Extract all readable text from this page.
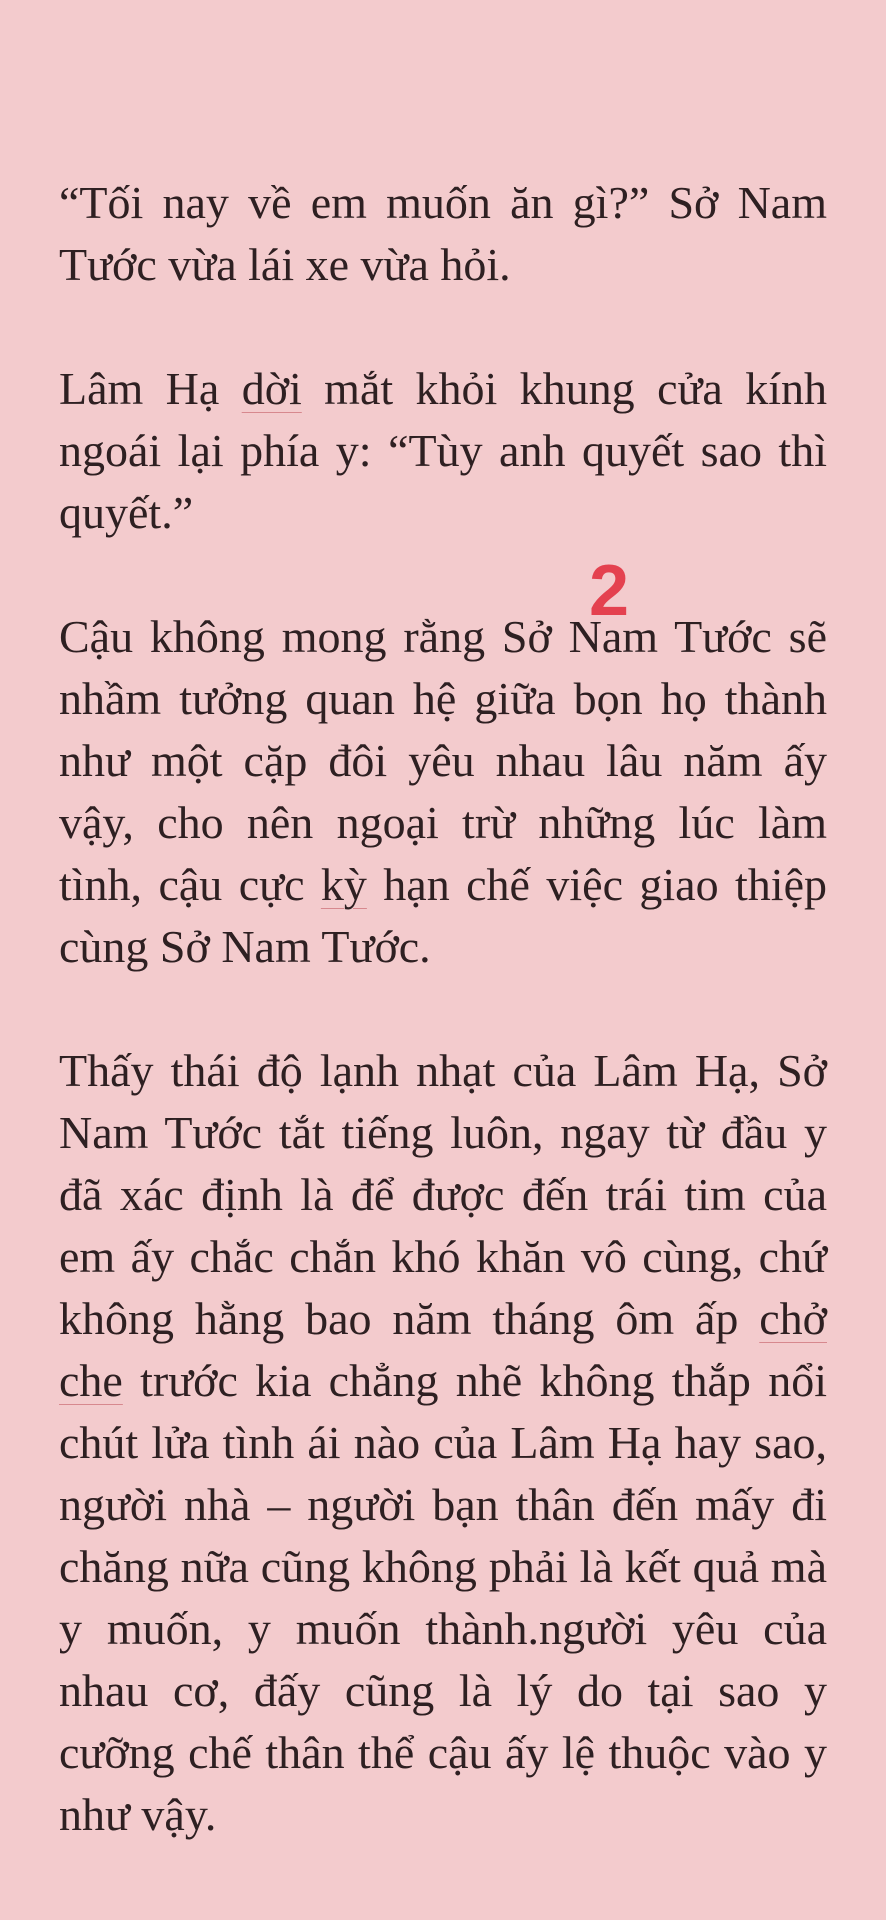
“Tối nay về em muốn ăn gì?” Sở Nam Tước vừa lái xe vừa hỏi.

Lâm Hạ dời mắt khỏi khung cửa kính ngoái lại phía y: “Tùy anh quyết sao thì quyết.”

Cậu không mong rằng Sở Nam Tước sẽ nhầm tưởng quan hệ giữa bọn họ thành như một cặp đôi yêu nhau lâu năm ấy vậy, cho nên ngoại trừ những lúc làm tình, cậu cực kỳ hạn chế việc giao thiệp cùng Sở Nam Tước.

Thấy thái độ lạnh nhạt của Lâm Hạ, Sở Nam Tước tắt tiếng luôn, ngay từ đầu y đã xác định là để được đến trái tim của em ấy chắc chắn khó khăn vô cùng, chứ không hằng bao năm tháng ôm ấp chở che trước kia chẳng nhẽ không thắp nổi chút lửa tình ái nào của Lâm Hạ hay sao, người nhà – người bạn thân đến mấy đi chăng nữa cũng không phải là kết quả mà y muốn, y muốn thành.người yêu của nhau cơ, đấy cũng là lý do tại sao y cưỡng chế thân thể cậu ấy lệ thuộc vào y như vậy.

2
